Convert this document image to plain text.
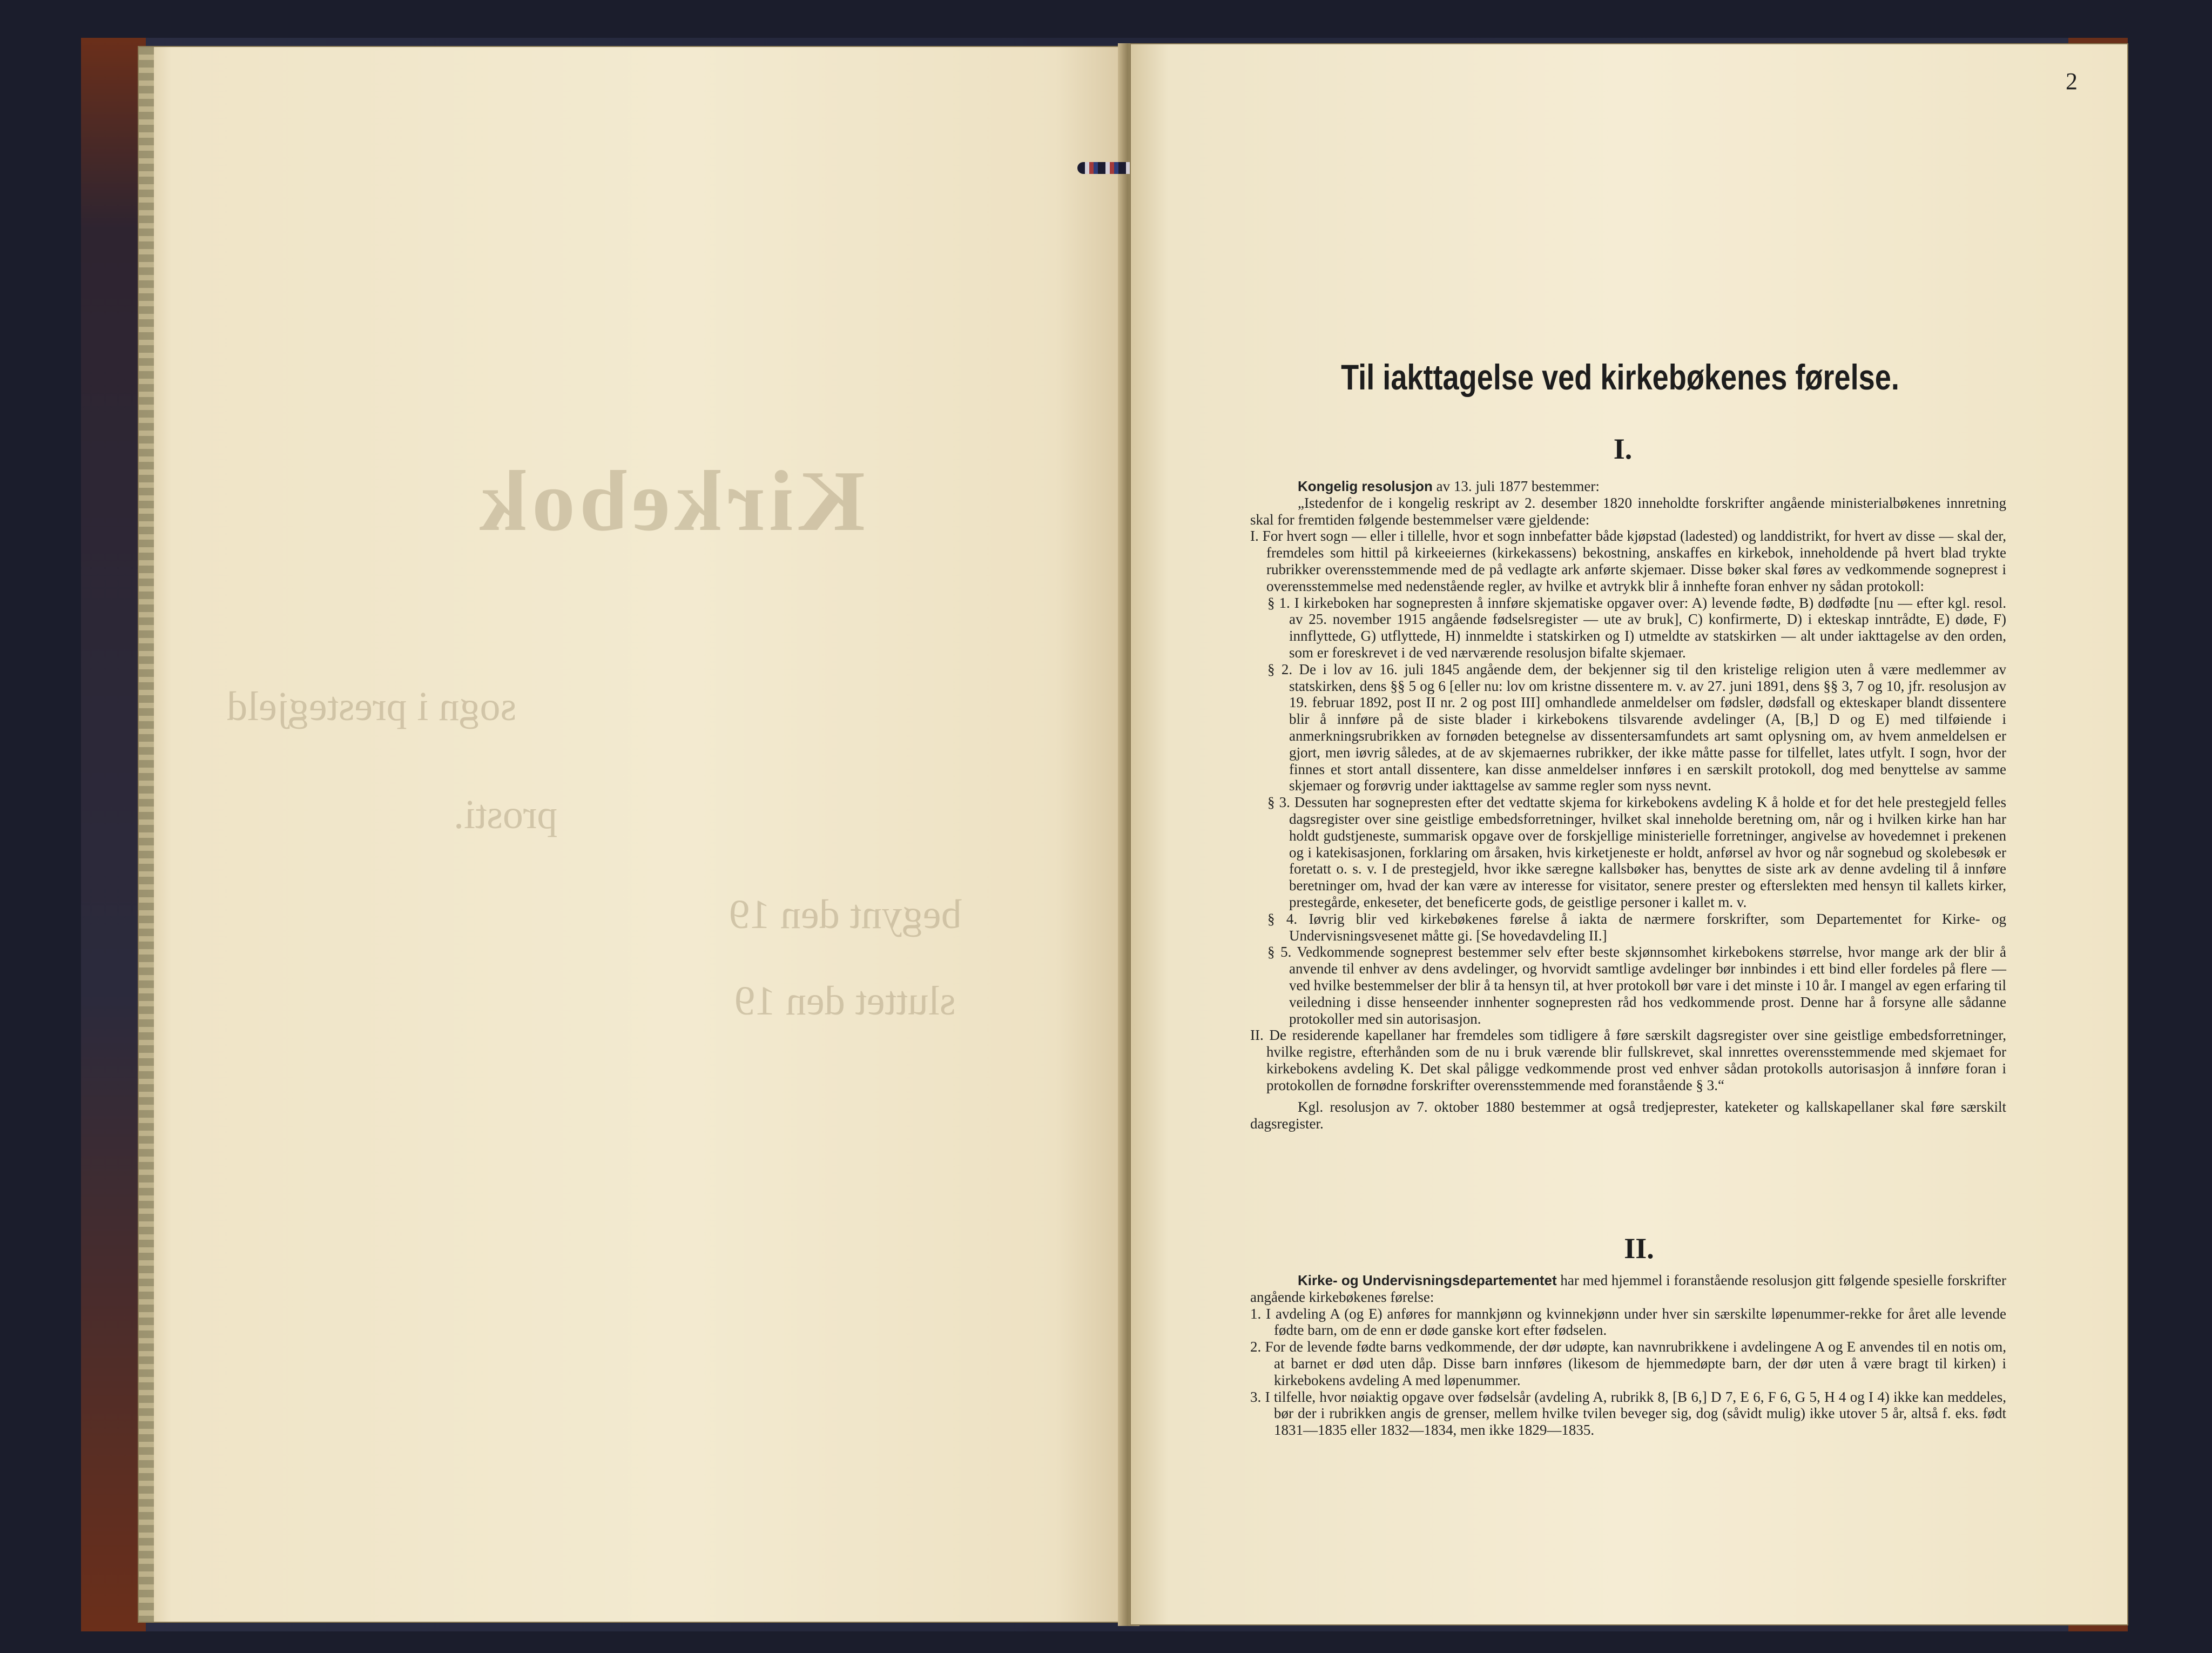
Kirkebok
sogn i prestegjeld
prosti.
begynt den 19
sluttet den 19
2
Til iakttagelse ved kirkebøkenes førelse.
I.

Kongelig resolusjon av 13. juli 1877 bestemmer:

„Istedenfor de i kongelig reskript av 2. desember 1820 inneholdte forskrifter angående ministerialbøkenes innretning skal for fremtiden følgende bestemmelser være gjeldende:

I. For hvert sogn — eller i tillelle, hvor et sogn innbefatter både kjøpstad (ladested) og landdistrikt, for hvert av disse — skal der, fremdeles som hittil på kirkeeiernes (kirkekassens) bekostning, anskaffes en kirkebok, inneholdende på hvert blad trykte rubrikker overensstemmende med de på vedlagte ark anførte skjemaer. Disse bøker skal føres av vedkommende sogneprest i overensstemmelse med nedenstående regler, av hvilke et avtrykk blir å innhefte foran enhver ny sådan protokoll:

§ 1. I kirkeboken har sognepresten å innføre skjematiske opgaver over: A) levende fødte, B) dødfødte [nu — efter kgl. resol. av 25. november 1915 angående fødselsregister — ute av bruk], C) konfirmerte, D) i ekteskap inntrådte, E) døde, F) innflyttede, G) utflyttede, H) innmeldte i statskirken og I) utmeldte av statskirken — alt under iakttagelse av den orden, som er foreskrevet i de ved nærværende resolusjon bifalte skjemaer.

§ 2. De i lov av 16. juli 1845 angående dem, der bekjenner sig til den kristelige religion uten å være medlemmer av statskirken, dens §§ 5 og 6 [eller nu: lov om kristne dissentere m. v. av 27. juni 1891, dens §§ 3, 7 og 10, jfr. resolusjon av 19. februar 1892, post II nr. 2 og post III] omhandlede anmeldelser om fødsler, dødsfall og ekteskaper blandt dissentere blir å innføre på de siste blader i kirkebokens tilsvarende avdelinger (A, [B,] D og E) med tilføiende i anmerkningsrubrikken av fornøden betegnelse av dissentersamfundets art samt oplysning om, av hvem anmeldelsen er gjort, men iøvrig således, at de av skjemaernes rubrikker, der ikke måtte passe for tilfellet, lates utfylt. I sogn, hvor der finnes et stort antall dissentere, kan disse anmeldelser innføres i en særskilt protokoll, dog med benyttelse av samme skjemaer og forøvrig under iakttagelse av samme regler som nyss nevnt.

§ 3. Dessuten har sognepresten efter det vedtatte skjema for kirkebokens avdeling K å holde et for det hele prestegjeld felles dagsregister over sine geistlige embedsforretninger, hvilket skal inneholde beretning om, når og i hvilken kirke han har holdt gudstjeneste, summarisk opgave over de forskjellige ministerielle forretninger, angivelse av hovedemnet i prekenen og i katekisasjonen, forklaring om årsaken, hvis kirketjeneste er holdt, anførsel av hvor og når sognebud og skolebesøk er foretatt o. s. v. I de prestegjeld, hvor ikke særegne kallsbøker has, benyttes de siste ark av denne avdeling til å innføre beretninger om, hvad der kan være av interesse for visitator, senere prester og efterslekten med hensyn til kallets kirker, prestegårde, enkeseter, det beneficerte gods, de geistlige personer i kallet m. v.

§ 4. Iøvrig blir ved kirkebøkenes førelse å iakta de nærmere forskrifter, som Departementet for Kirke- og Undervisningsvesenet måtte gi. [Se hovedavdeling II.]

§ 5. Vedkommende sogneprest bestemmer selv efter beste skjønnsomhet kirkebokens størrelse, hvor mange ark der blir å anvende til enhver av dens avdelinger, og hvorvidt samtlige avdelinger bør innbindes i ett bind eller fordeles på flere — ved hvilke bestemmelser der blir å ta hensyn til, at hver protokoll bør vare i det minste i 10 år. I mangel av egen erfaring til veiledning i disse henseender innhenter sognepresten råd hos vedkommende prost. Denne har å forsyne alle sådanne protokoller med sin autorisasjon.

II. De residerende kapellaner har fremdeles som tidligere å føre særskilt dagsregister over sine geistlige embedsforretninger, hvilke registre, efterhånden som de nu i bruk værende blir fullskrevet, skal innrettes overensstemmende med skjemaet for kirkebokens avdeling K. Det skal påligge vedkommende prost ved enhver sådan protokolls autorisasjon å innføre foran i protokollen de fornødne forskrifter overensstemmende med foranstående § 3.“

Kgl. resolusjon av 7. oktober 1880 bestemmer at også tredjeprester, kateketer og kallskapellaner skal føre særskilt dagsregister.

II.

Kirke- og Undervisningsdepartementet har med hjemmel i foranstående resolusjon gitt følgende spesielle forskrifter angående kirkebøkenes førelse:

1. I avdeling A (og E) anføres for mannkjønn og kvinnekjønn under hver sin særskilte løpenummer-rekke for året alle levende fødte barn, om de enn er døde ganske kort efter fødselen.

2. For de levende fødte barns vedkommende, der dør udøpte, kan navnrubrikkene i avdelingene A og E anvendes til en notis om, at barnet er død uten dåp. Disse barn innføres (likesom de hjemmedøpte barn, der dør uten å være bragt til kirken) i kirkebokens avdeling A med løpenummer.

3. I tilfelle, hvor nøiaktig opgave over fødselsår (avdeling A, rubrikk 8, [B 6,] D 7, E 6, F 6, G 5, H 4 og I 4) ikke kan meddeles, bør der i rubrikken angis de grenser, mellem hvilke tvilen beveger sig, dog (såvidt mulig) ikke utover 5 år, altså f. eks. født 1831—1835 eller 1832—1834, men ikke 1829—1835.
